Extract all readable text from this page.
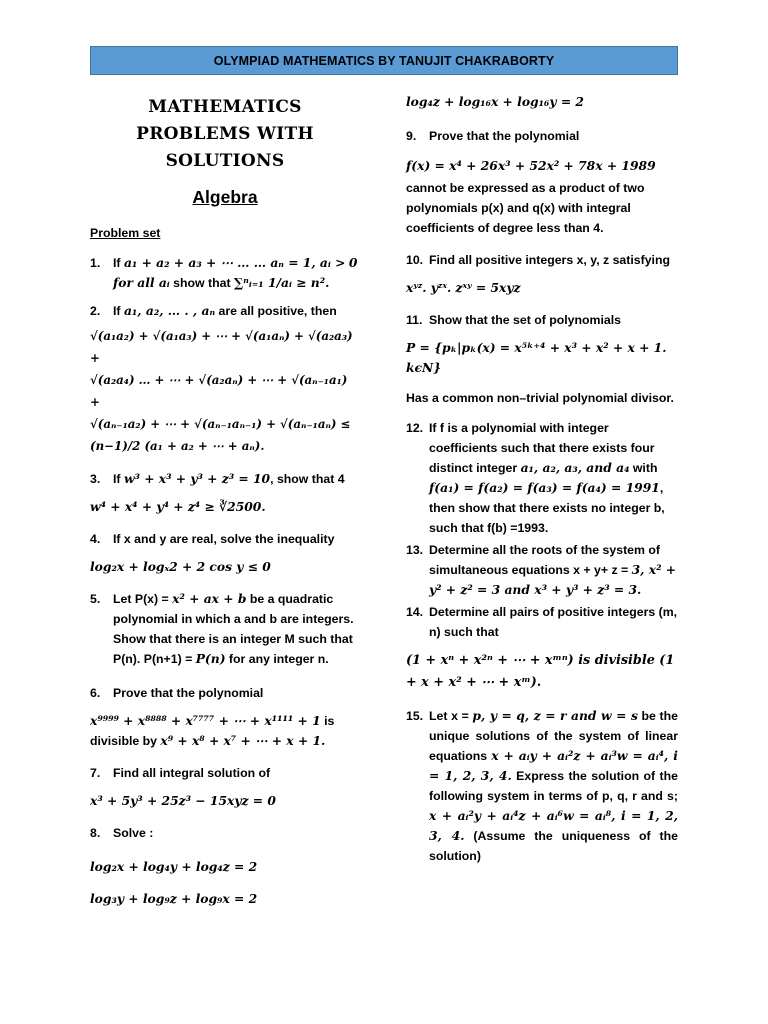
OLYMPIAD MATHEMATICS BY TANUJIT CHAKRABORTY
MATHEMATICS
PROBLEMS WITH
SOLUTIONS
Algebra
Problem set
1.	If a₁ + a₂ + a₃ + ⋯ … … aₙ = 1, aᵢ > 0 for all aᵢ show that ∑ⁿᵢ₌₁ 1/aᵢ ≥ n².
2.	If a₁, a₂, … . , aₙ are all positive, then
√(a₁a₂) + √(a₁a₃) + ⋯ + √(a₁aₙ) + √(a₂a₃) +
√(a₂a₄) … + ⋯ + √(a₂aₙ) + ⋯ + √(aₙ₋₁a₁) +
√(aₙ₋₁a₂) + ⋯ + √(aₙ₋₁aₙ₋₁) + √(aₙ₋₁aₙ) ≤
(n−1)/2 (a₁ + a₂ + ⋯ + aₙ).
3.	If w³ + x³ + y³ + z³ = 10, show that 4
w⁴ + x⁴ + y⁴ + z⁴ ≥ ∛2500.
4.	If x and y are real, solve the inequality
log₂x + logₓ2 + 2 cos y ≤ 0
5.	Let P(x) = x² + ax + b be a quadratic polynomial in which a and b are integers. Show that there is an integer M such that P(n). P(n+1) = P(n) for any integer n.
6.	Prove that the polynomial
x⁹⁹⁹⁹ + x⁸⁸⁸⁸ + x⁷⁷⁷⁷ + ⋯ + x¹¹¹¹ + 1 is divisible by x⁹ + x⁸ + x⁷ + ⋯ + x + 1.
7.	Find all integral solution of
x³ + 5y³ + 25z³ − 15xyz = 0
8.	Solve :
log₂x + log₄y + log₄z = 2
log₃y + log₉z + log₉x = 2
log₄z + log₁₆x + log₁₆y = 2
9.	Prove that the polynomial
f(x) = x⁴ + 26x³ + 52x² + 78x + 1989
cannot be expressed as a product of two polynomials p(x) and q(x) with integral coefficients of degree less than 4.
10. Find all positive integers x, y, z satisfying
xʸᶻ. yᶻˣ. zˣʸ = 5xyz
11. Show that the set of polynomials
P = {pₖ|pₖ(x) = x⁵ᵏ⁺⁴ + x³ + x² + x + 1. kϵN}
Has a common non–trivial polynomial divisor.
12. If f is a polynomial with integer coefficients such that there exists four distinct integer a₁, a₂, a₃, and a₄ with f(a₁) = f(a₂) = f(a₃) = f(a₄) = 1991, then show that there exists no integer b, such that f(b) =1993.
13. Determine all the roots of the system of simultaneous equations x + y+ z = 3, x² + y² + z² = 3 and x³ + y³ + z³ = 3.
14. Determine all pairs of positive integers (m, n) such that
(1 + xⁿ + x²ⁿ + ⋯ + xᵐⁿ) is divisible (1 + x + x² + ⋯ + xᵐ).
15. Let x = p, y = q, z = r and w = s be the unique solutions of the system of linear equations x + aᵢy + aᵢ²z + aᵢ³w = aᵢ⁴, i = 1, 2, 3, 4. Express the solution of the following system in terms of p, q, r and s; x + aᵢ²y + aᵢ⁴z + aᵢ⁶w = aᵢ⁸, i = 1, 2, 3, 4. (Assume the uniqueness of the solution)
